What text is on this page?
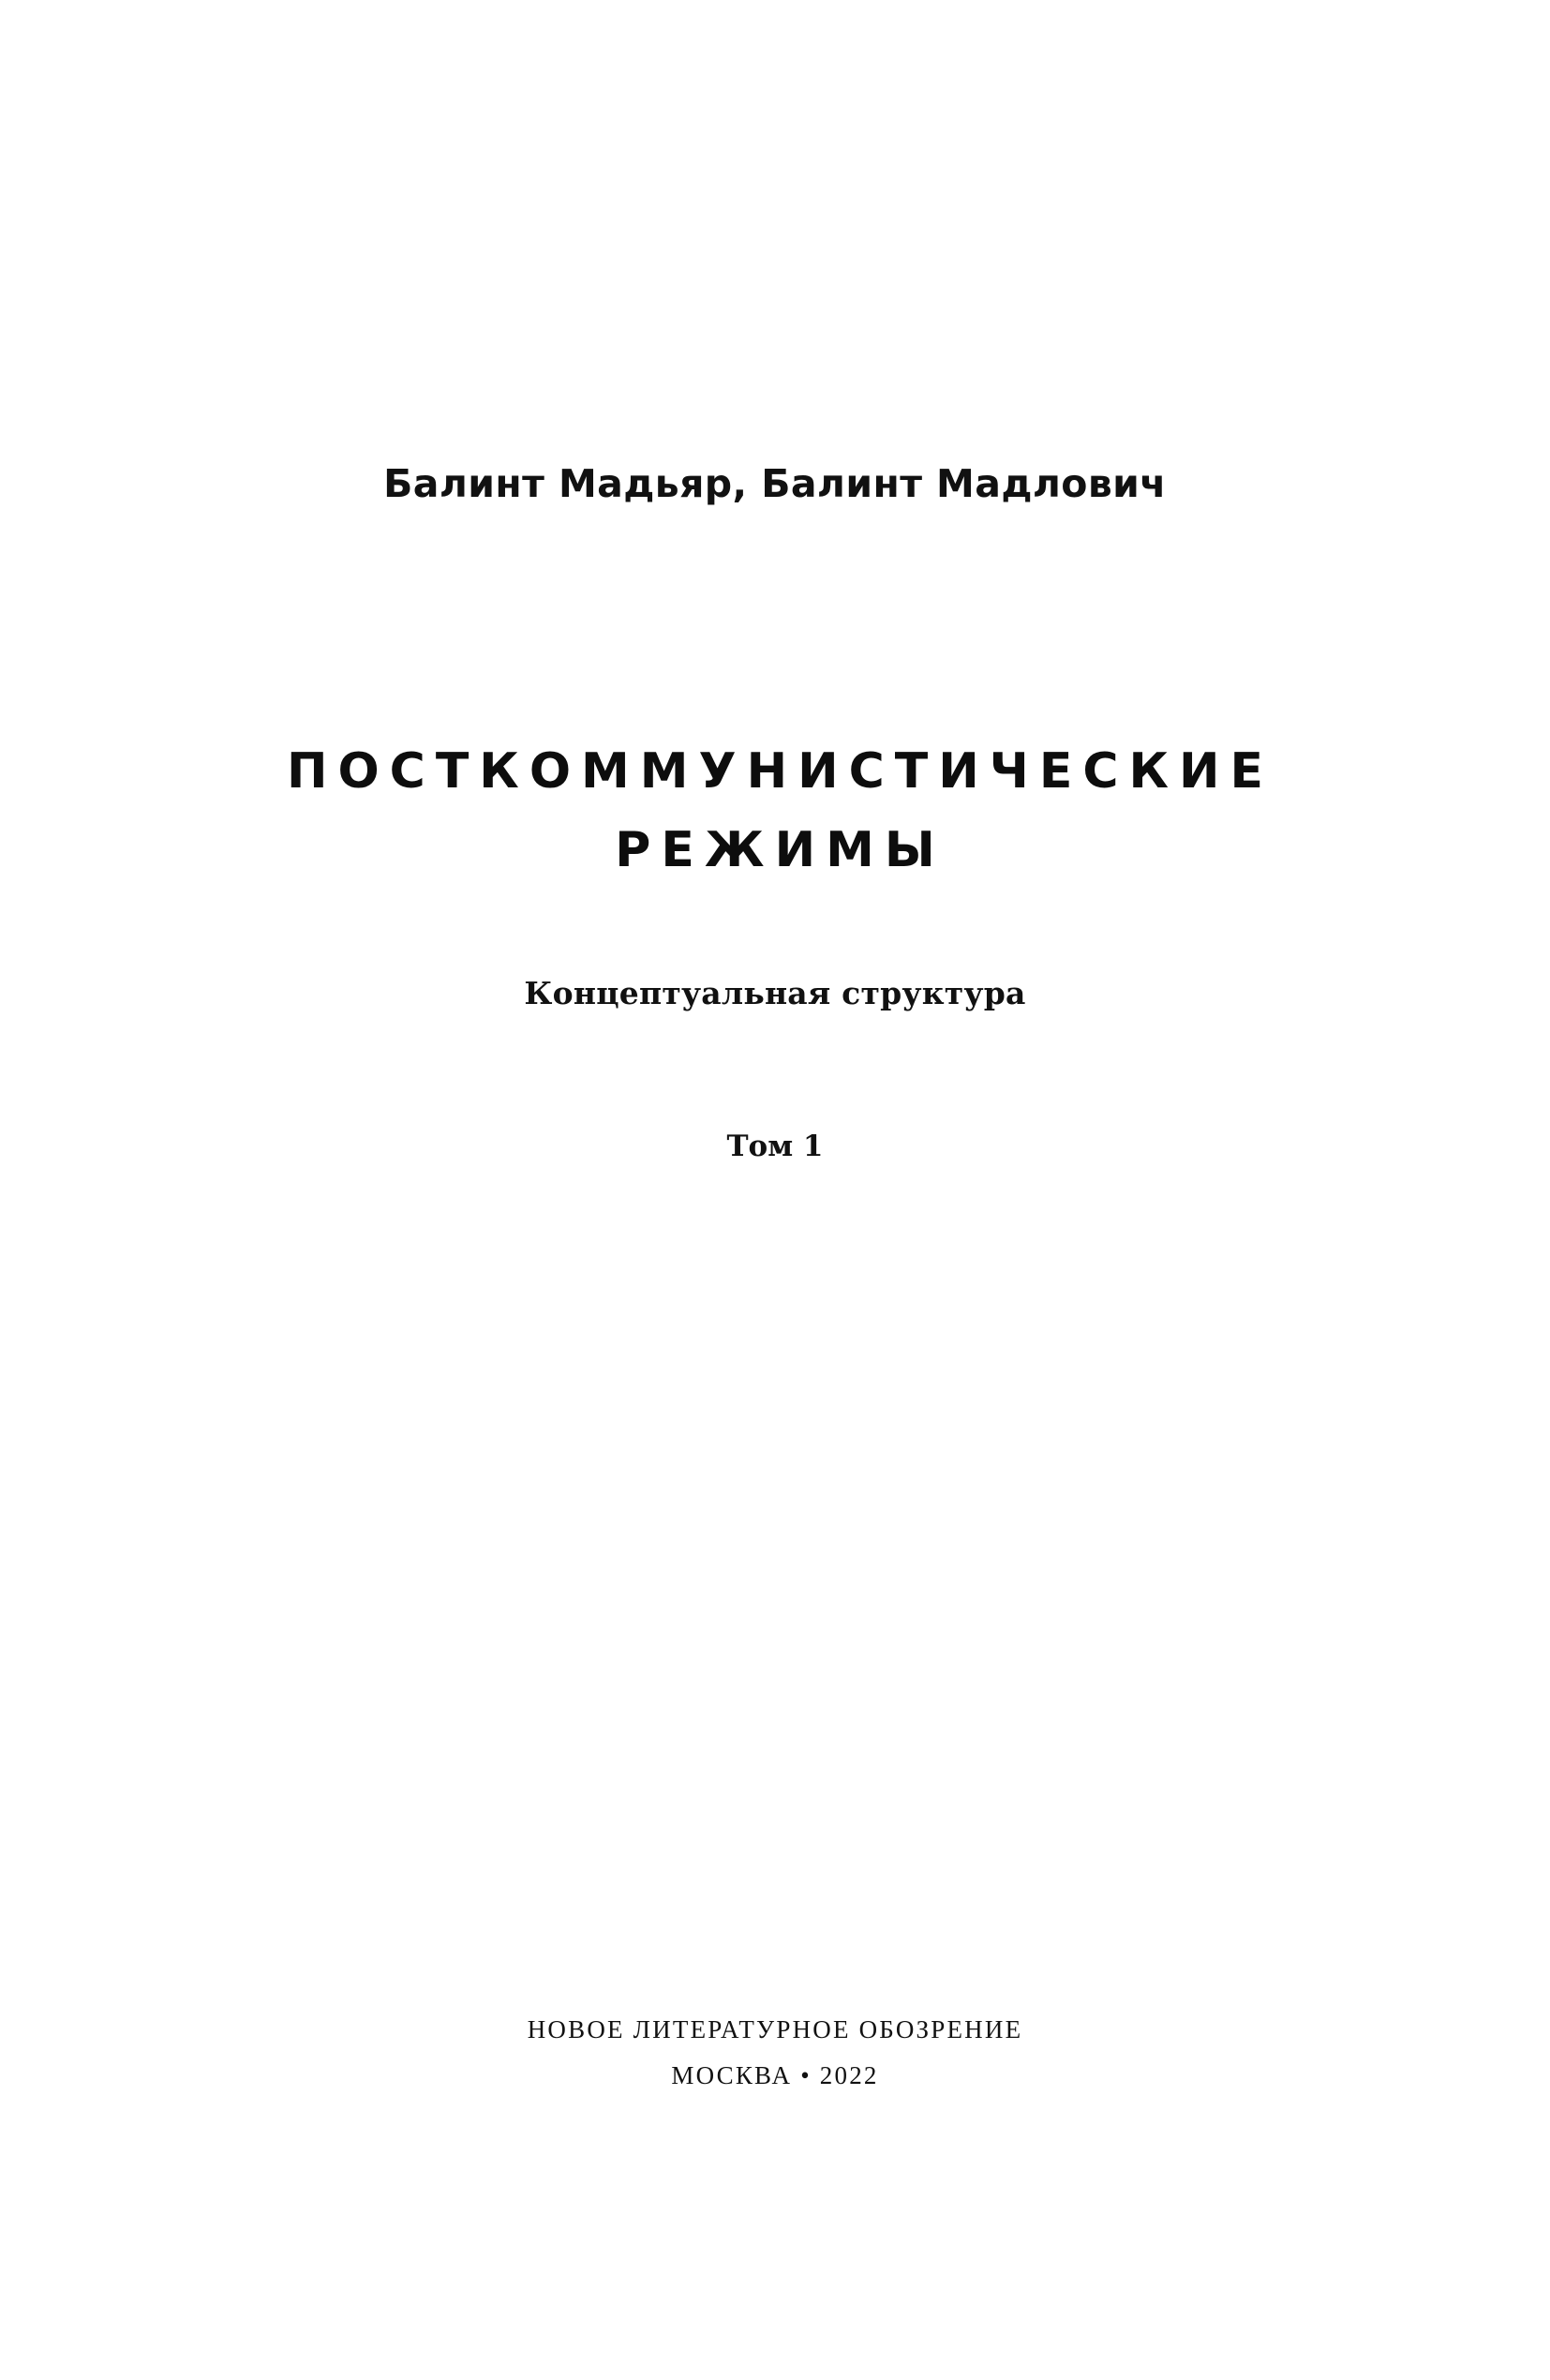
Балинт Мадьяр, Балинт Мадлович
ПОСТКОММУНИСТИЧЕСКИЕ
РЕЖИМЫ
Концептуальная структура
Том 1
НОВОЕ ЛИТЕРАТУРНОЕ ОБОЗРЕНИЕ
МОСКВА • 2022
